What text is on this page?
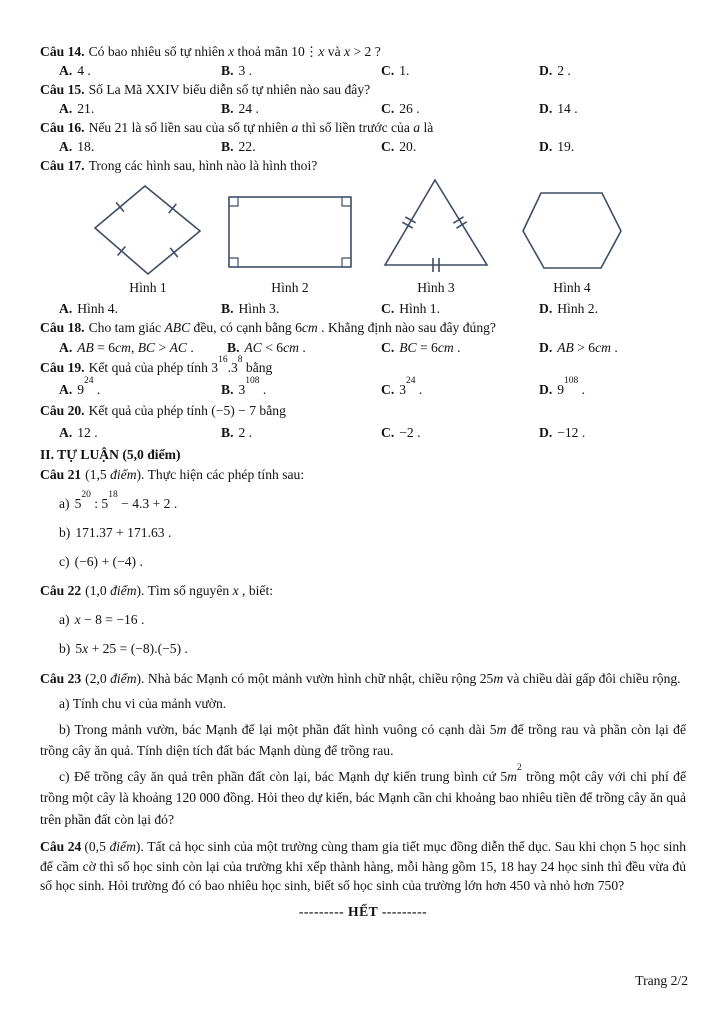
Câu 14. Có bao nhiêu số tự nhiên x thoả mãn 10⋮x và x > 2 ?
A. 4 .	B. 3 .	C. 1.	D. 2 .
Câu 15. Số La Mã XXIV biểu diễn số tự nhiên nào sau đây?
A. 21.	B. 24 .	C. 26 .	D. 14 .
Câu 16. Nếu 21 là số liền sau của số tự nhiên a thì số liền trước của a là
A. 18.	B. 22.	C. 20.	D. 19.
Câu 17. Trong các hình sau, hình nào là hình thoi?
Hình 1	Hình 2	Hình 3	Hình 4
A. Hình 4.	B. Hình 3.	C. Hình 1.	D. Hình 2.
Câu 18. Cho tam giác ABC đều, có cạnh bằng 6cm . Khẳng định nào sau đây đúng?
A. AB = 6cm, BC > AC .	B. AC < 6cm .	C. BC = 6cm .	D. AB > 6cm .
Câu 19. Kết quả của phép tính $3^{16}.3^8$ bằng
A. $9^{24}$ .	B. $3^{108}$ .	C. $3^{24}$ .	D. $9^{108}$ .
Câu 20. Kết quả của phép tính (−5) − 7 bằng
A. 12 .	B. 2 .	C. −2 .	D. −12 .
II. TỰ LUẬN (5,0 điểm)
Câu 21 (1,5 điểm). Thực hiện các phép tính sau:
a) $5^{20}$ : $5^{18} - 4.3 + 2$ .
b) 171.37 + 171.63 .
c) (−6) + (−4) .
Câu 22 (1,0 điểm). Tìm số nguyên x , biết:
a) x − 8 = −16 .
b) 5x + 25 = (−8).(−5) .
Câu 23 (2,0 điểm). Nhà bác Mạnh có một mảnh vườn hình chữ nhật, chiều rộng 25m và chiều dài gấp đôi chiều rộng.
a) Tính chu vi của mảnh vườn.
b) Trong mảnh vườn, bác Mạnh để lại một phần đất hình vuông có cạnh dài 5m để trồng rau và phần còn lại để trồng cây ăn quả. Tính diện tích đất bác Mạnh dùng để trồng rau.
c) Để trồng cây ăn quả trên phần đất còn lại, bác Mạnh dự kiến trung bình cứ $5m^2$ trồng một cây với chi phí để trồng một cây là khoảng 120 000 đồng. Hỏi theo dự kiến, bác Mạnh cần chi khoảng bao nhiêu tiền để trồng cây ăn quả trên phần đất còn lại đó?
Câu 24 (0,5 điểm). Tất cả học sinh của một trường cùng tham gia tiết mục đồng diễn thể dục. Sau khi chọn 5 học sinh để cầm cờ thì số học sinh còn lại của trường khi xếp thành hàng, mỗi hàng gồm 15, 18 hay 24 học sinh thì đều vừa đủ số học sinh. Hỏi trường đó có bao nhiêu học sinh, biết số học sinh của trường lớn hơn 450 và nhỏ hơn 750?
--------- HẾT ---------
Trang 2/2
